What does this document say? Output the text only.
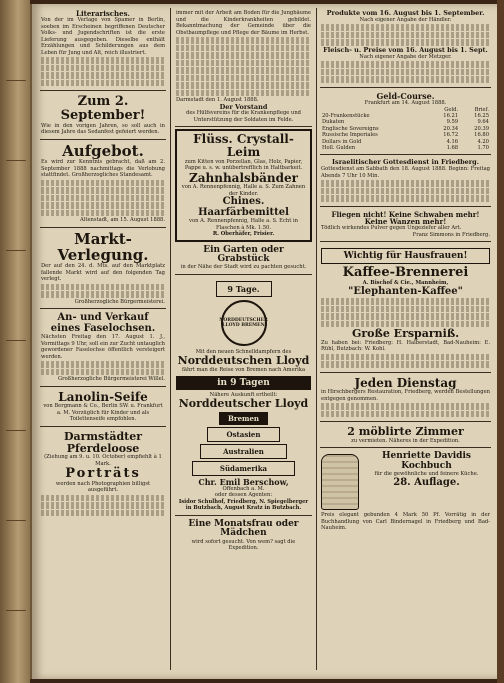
Literarisches.
Von der im Verlage von Spamer in Berlin, soeben im Erscheinen begriffenen Deutscher Volks- und Jugendschriften ist die erste Lieferung ausgegeben. Dieselbe enthält Erzählungen und Schilderungen aus dem Leben für Jung und Alt, reich illustriert.
Zum 2. September!
Wie in den vorigen Jahren, so soll auch in diesem Jahre das Sedanfest gefeiert werden.
Aufgebot.
Es wird zur Kenntnis gebracht, daß am 2. September 1888 nachmittags die Verlobung stattfindet. Großherzogliches Standesamt.
Altenstadt, am 15. August 1888.
Markt-Verlegung.
Der auf den 24. d. Mts. auf den Marktplatz fallende Markt wird auf den folgenden Tag verlegt.
Großherzogliche Bürgermeisterei.
An- und Verkauf eines Faselochsen.
Nächsten Freitag den 17. August 1. J., Vormittags 9 Uhr, soll ein zur Zucht untauglich gewordener Faselochse öffentlich versteigert werden.
Großherzogliche Bürgermeisterei Willel.
Lanolin-Seife
von Bergmann & Co., Berlin SW. u. Frankfurt a. M. Vorzüglich für Kinder und als Toilettenseife empfohlen.
Darmstädter Pferdeloose
(Ziehung am 9. u. 10. October) empfiehlt à 1 Mark.
Porträts
werden nach Photographien billigst ausgeführt.
immer mit der Arbeit am Boden für die Jungbäume und die Kinderkrankheiten gebildet. Bekanntmachung der Gemeinde über die Obstbaumpflege und Pflege der Bäume im Herbst.
Darmstadt den 1. August 1888.
Der Vorstand
des Hülfsvereins für die Krankenpflege und Unterstützung der Soldaten im Felde.
Flüss. Crystall-Leim
zum Kitten von Porzellan, Glas, Holz, Papier, Pappe u. s. w. unübertrefflich in Haltbarkeit.
Zahnhalsbänder
von A. Rennenpfennig, Halle a. S. Zum Zahnen der Kinder.
Chines. Haarfärbemittel
von A. Rennenpfennig, Halle a. S. Echt in Flaschen à Mk. 1.50.
R. Oberhäfer, Frisier.
Ein Garten oder Grabstück
in der Nähe der Stadt wird zu pachten gesucht.
9 Tage.
NORDDEUTSCHER LLOYD BREMEN
Mit den neuen Schnelldampfern des
Norddeutschen Lloyd
fährt man die Reise von Bremen nach Amerika
in 9 Tagen
Nähere Auskunft ertheilt:
Norddeutscher Lloyd
Bremen
Ostasien
Australien
Südamerika
Chr. Emil Berschow,
Offenbach a. M.
oder dessen Agenten:
Isidor Schulhof, Friedberg, N. Spiegelberger in Butzbach, August Kratz in Butzbach.
Eine Monatsfrau oder Mädchen
wird sofort gesucht. Von wem? sagt die Expedition.
Produkte vom 16. August bis 1. September.
Nach eigener Angabe der Händler.
Fleisch- u. Preise vom 16. August bis 1. Sept.
Nach eigener Angabe der Metzger.
Geld-Course.
Frankfurt am 14. August 1888.
	Geld.	Brief.
20-Frankenstücke	16.21	16.25
Dukaten	9.59	9.64
Englische Sovereigns	20.34	20.39
Russische Imperiales	16.72	16.80
Dollars in Gold	4.16	4.20
Holl. Gulden	1.68	1.70
Israelitischer Gottesdienst in Friedberg.
Gottesdienst am Sabbath den 18. August 1888. Beginn: Freitag Abends 7 Uhr 10 Min.
Fliegen nicht! Keine Schwaben mehr! Keine Wanzen mehr!
Tödlich wirkendes Pulver gegen Ungeziefer aller Art.
Franz Simmons in Friedberg.
Wichtig für Hausfrauen!
Kaffee-Brennerei
A. Bischof & Cie., Mannheim,
"Elephanten-Kaffee"
Große Ersparniß.
Zu haben bei: Friedberg: H. Halberstadt, Bad-Nauheim: E. Rühl, Butzbach: W. Kohl.
Jeden Dienstag
in Hirschbergers Restauration, Friedberg, werden Bestellungen entgegen genommen.
2 möblirte Zimmer
zu vermieten. Näheres in der Expedition.
Henriette Davidis Kochbuch
für die gewöhnliche und feinere Küche.
28. Auflage.
Preis elegant gebunden 4 Mark 50 Pf. Vorrätig in der Buchhandlung von Carl Bindernagel in Friedberg und Bad-Nauheim.
